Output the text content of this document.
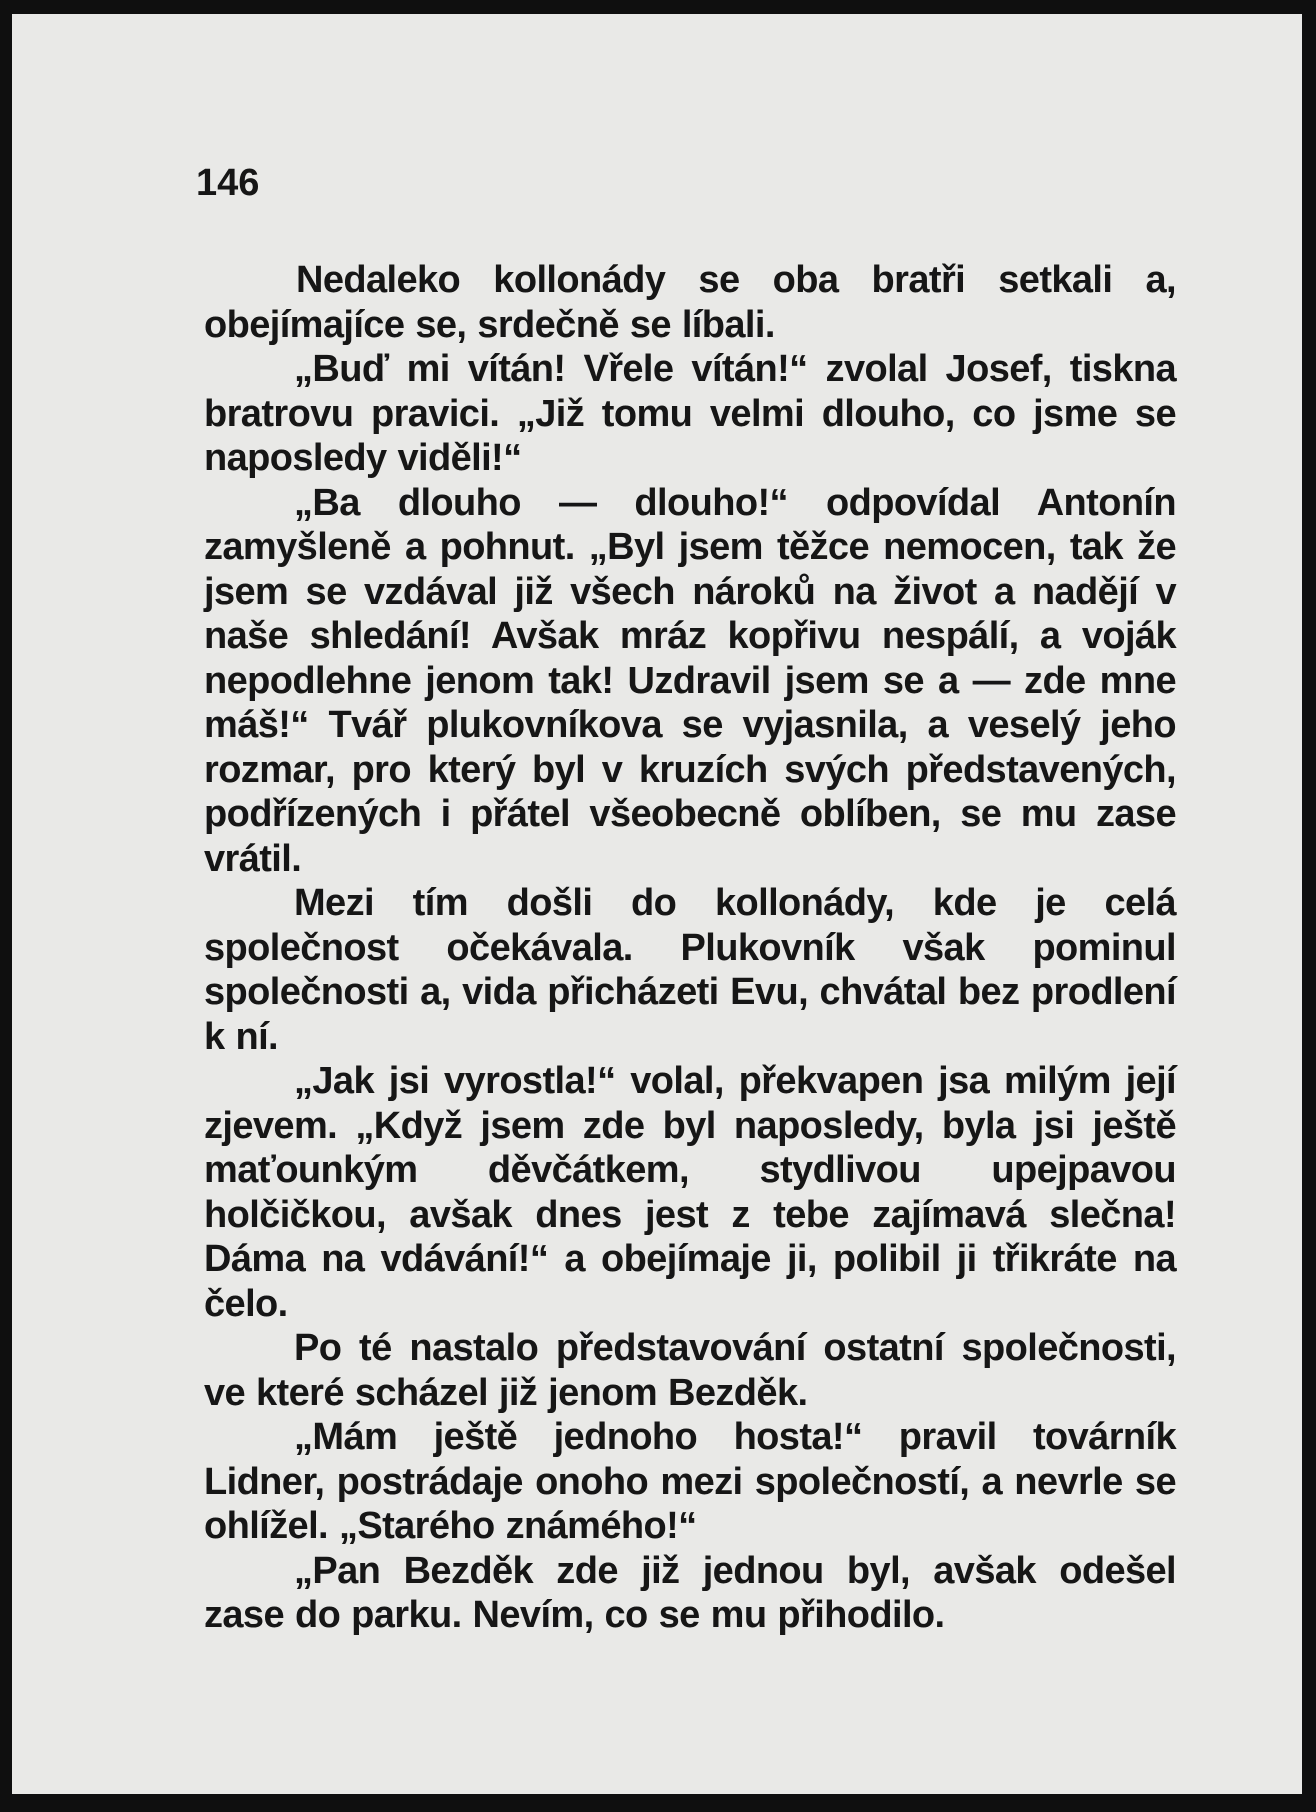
146

Nedaleko kollonády se oba bratři setkali a, obejímajíce se, srdečně se líbali.

„Buď mi vítán! Vřele vítán!“ zvolal Josef, tiskna bratrovu pravici. „Již tomu velmi dlouho, co jsme se naposledy viděli!“

„Ba dlouho — dlouho!“ odpovídal Antonín zamyšleně a pohnut. „Byl jsem těžce nemocen, tak že jsem se vzdával již všech nároků na život a nadějí v naše shledání! Avšak mráz kopřivu nespálí, a voják nepodlehne jenom tak! Uzdravil jsem se a — zde mne máš!“ Tvář plukovníkova se vyjasnila, a veselý jeho rozmar, pro který byl v kruzích svých představených, podřízených i přátel všeobecně oblíben, se mu zase vrátil.

Mezi tím došli do kollonády, kde je celá společnost očekávala. Plukovník však pominul společnosti a, vida přicházeti Evu, chvátal bez prodlení k ní.

„Jak jsi vyrostla!“ volal, překvapen jsa milým její zjevem. „Když jsem zde byl naposledy, byla jsi ještě maťounkým děvčátkem, stydlivou upejpavou holčičkou, avšak dnes jest z tebe zajímavá slečna! Dáma na vdávání!“ a obejímaje ji, polibil ji třikráte na čelo.

Po té nastalo představování ostatní společnosti, ve které scházel již jenom Bezděk.

„Mám ještě jednoho hosta!“ pravil továrník Lidner, postrádaje onoho mezi společností, a nevrle se ohlížel. „Starého známého!“

„Pan Bezděk zde již jednou byl, avšak odešel zase do parku. Nevím, co se mu přihodilo.
